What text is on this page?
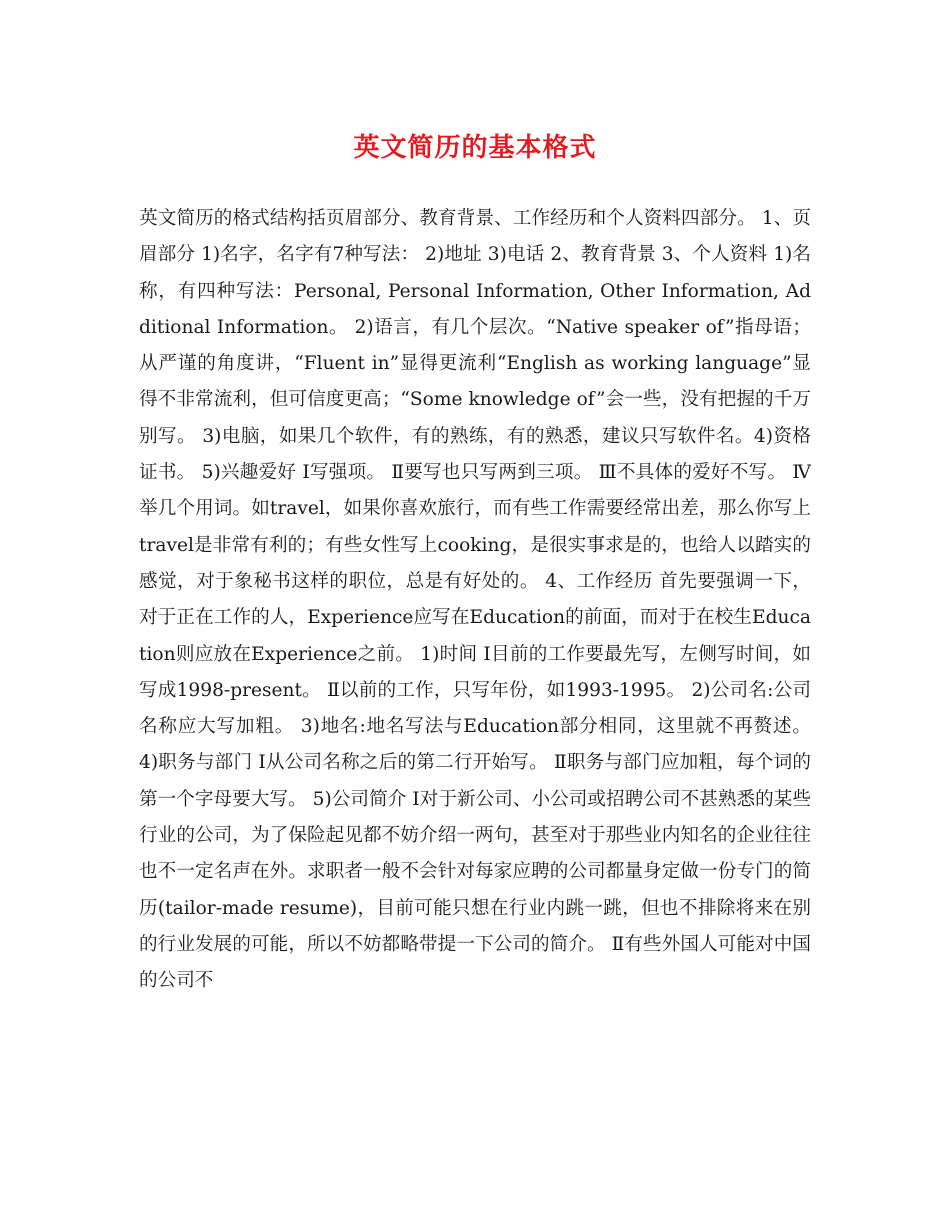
英文简历的基本格式

英文简历的格式结构括页眉部分、教育背景、工作经历和个人资料四部分。 1、页眉部分 1)名字，名字有7种写法： 2)地址 3)电话 2、教育背景 3、个人资料 1)名称，有四种写法：Personal, Personal Information, Other Information, Additional Information。 2)语言，有几个层次。“Native speaker of”指母语；从严谨的角度讲，“Fluent in”显得更流利“English as working language”显得不非常流利，但可信度更高；“Some knowledge of”会一些，没有把握的千万别写。 3)电脑，如果几个软件，有的熟练，有的熟悉，建议只写软件名。4)资格证书。 5)兴趣爱好 Ⅰ写强项。 Ⅱ要写也只写两到三项。 Ⅲ不具体的爱好不写。 Ⅳ举几个用词。如travel，如果你喜欢旅行，而有些工作需要经常出差，那么你写上travel是非常有利的；有些女性写上cooking，是很实事求是的，也给人以踏实的感觉，对于象秘书这样的职位，总是有好处的。 4、工作经历 首先要强调一下，对于正在工作的人，Experience应写在Education的前面，而对于在校生Education则应放在Experience之前。 1)时间 Ⅰ目前的工作要最先写，左侧写时间，如写成1998-present。 Ⅱ以前的工作，只写年份，如1993-1995。 2)公司名:公司名称应大写加粗。 3)地名:地名写法与Education部分相同，这里就不再赘述。 4)职务与部门 Ⅰ从公司名称之后的第二行开始写。 Ⅱ职务与部门应加粗，每个词的第一个字母要大写。 5)公司简介 Ⅰ对于新公司、小公司或招聘公司不甚熟悉的某些行业的公司，为了保险起见都不妨介绍一两句，甚至对于那些业内知名的企业往往也不一定名声在外。求职者一般不会针对每家应聘的公司都量身定做一份专门的简历(tailor-made resume)，目前可能只想在行业内跳一跳，但也不排除将来在别的行业发展的可能，所以不妨都略带提一下公司的简介。 Ⅱ有些外国人可能对中国的公司不
